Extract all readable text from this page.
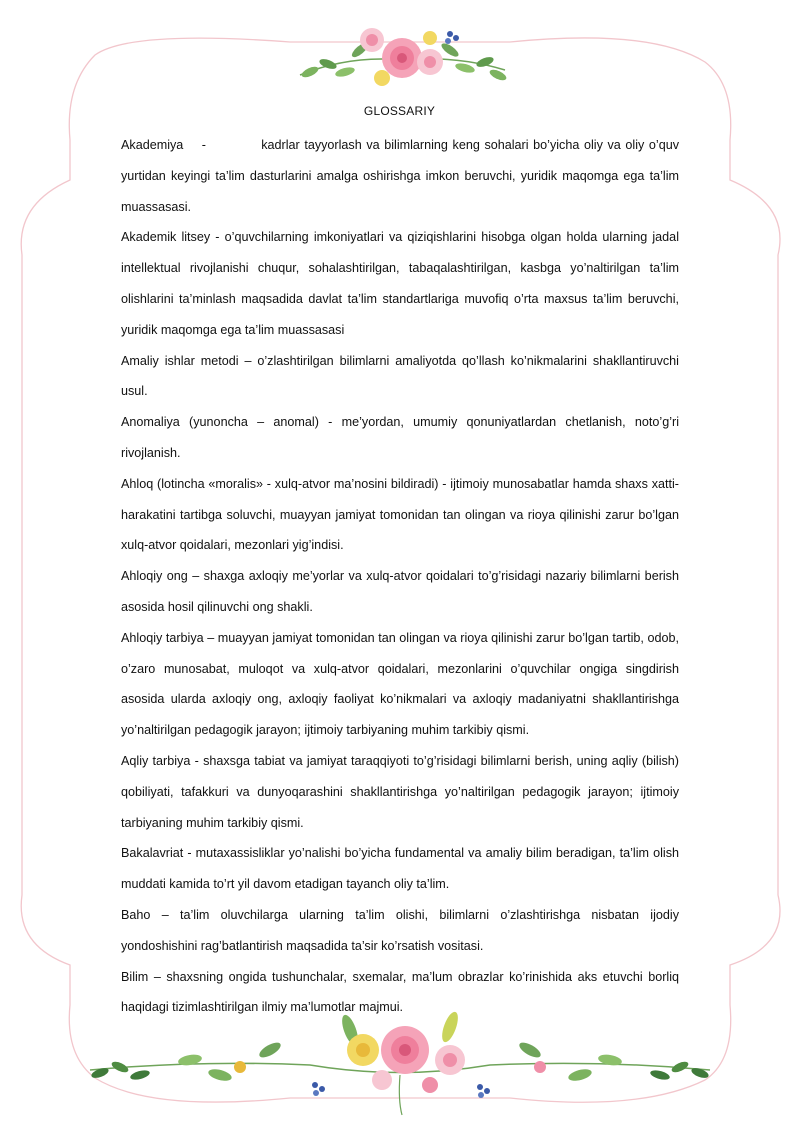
GLOSSARIY

Akademiya    -            kadrlar tayyorlash va bilimlarning keng sohalari bo’yicha oliy va oliy o’quv yurtidan keyingi ta’lim dasturlarini amalga oshirishga imkon beruvchi, yuridik maqomga ega ta’lim muassasasi.

Akademik litsey - o’quvchilarning imkoniyatlari va qiziqishlarini hisobga olgan holda ularning jadal intellektual rivojlanishi chuqur, sohalashtirilgan, tabaqalashtirilgan, kasbga yo’naltirilgan ta’lim olishlarini ta’minlash maqsadida davlat ta’lim standartlariga muvofiq o’rta maxsus ta’lim beruvchi, yuridik maqomga ega ta’lim muassasasi

Amaliy ishlar metodi – o’zlashtirilgan bilimlarni amaliyotda qo’llash ko’nikmalarini shakllantiruvchi usul.

Anomaliya (yunoncha – anomal) - me’yordan, umumiy qonuniyatlardan chetlanish, noto’g’ri rivojlanish.

Ahloq (lotincha «moralis» - xulq-atvor ma’nosini bildiradi) - ijtimoiy munosabatlar hamda shaxs xatti-harakatini tartibga soluvchi, muayyan jamiyat tomonidan tan olingan va rioya qilinishi zarur bo’lgan xulq-atvor qoidalari, mezonlari yig’indisi.

Ahloqiy ong – shaxga axloqiy me’yorlar va xulq-atvor qoidalari to’g’risidagi nazariy bilimlarni berish asosida hosil qilinuvchi ong shakli.

Ahloqiy tarbiya – muayyan jamiyat tomonidan tan olingan va rioya qilinishi zarur bo’lgan tartib, odob, o’zaro munosabat, muloqot va xulq-atvor qoidalari, mezonlarini o’quvchilar ongiga singdirish asosida ularda axloqiy ong, axloqiy faoliyat ko’nikmalari va axloqiy madaniyatni shakllantirishga yo’naltirilgan pedagogik jarayon; ijtimoiy tarbiyaning muhim tarkibiy qismi.

Aqliy tarbiya - shaxsga tabiat va jamiyat taraqqiyoti to’g’risidagi bilimlarni berish, uning aqliy (bilish) qobiliyati, tafakkuri va dunyoqarashini shakllantirishga yo’naltirilgan pedagogik jarayon; ijtimoiy tarbiyaning muhim tarkibiy qismi.

Bakalavriat - mutaxassisliklar yo’nalishi bo’yicha fundamental va amaliy bilim beradigan, ta’lim olish muddati kamida to’rt yil davom etadigan tayanch oliy ta’lim.

Baho – ta’lim oluvchilarga ularning ta’lim olishi, bilimlarni o’zlashtirishga nisbatan ijodiy yondoshishini rag’batlantirish maqsadida ta’sir ko’rsatish vositasi.

Bilim – shaxsning ongida tushunchalar, sxemalar, ma’lum obrazlar ko’rinishida aks etuvchi borliq haqidagi tizimlashtirilgan ilmiy ma’lumotlar majmui.
